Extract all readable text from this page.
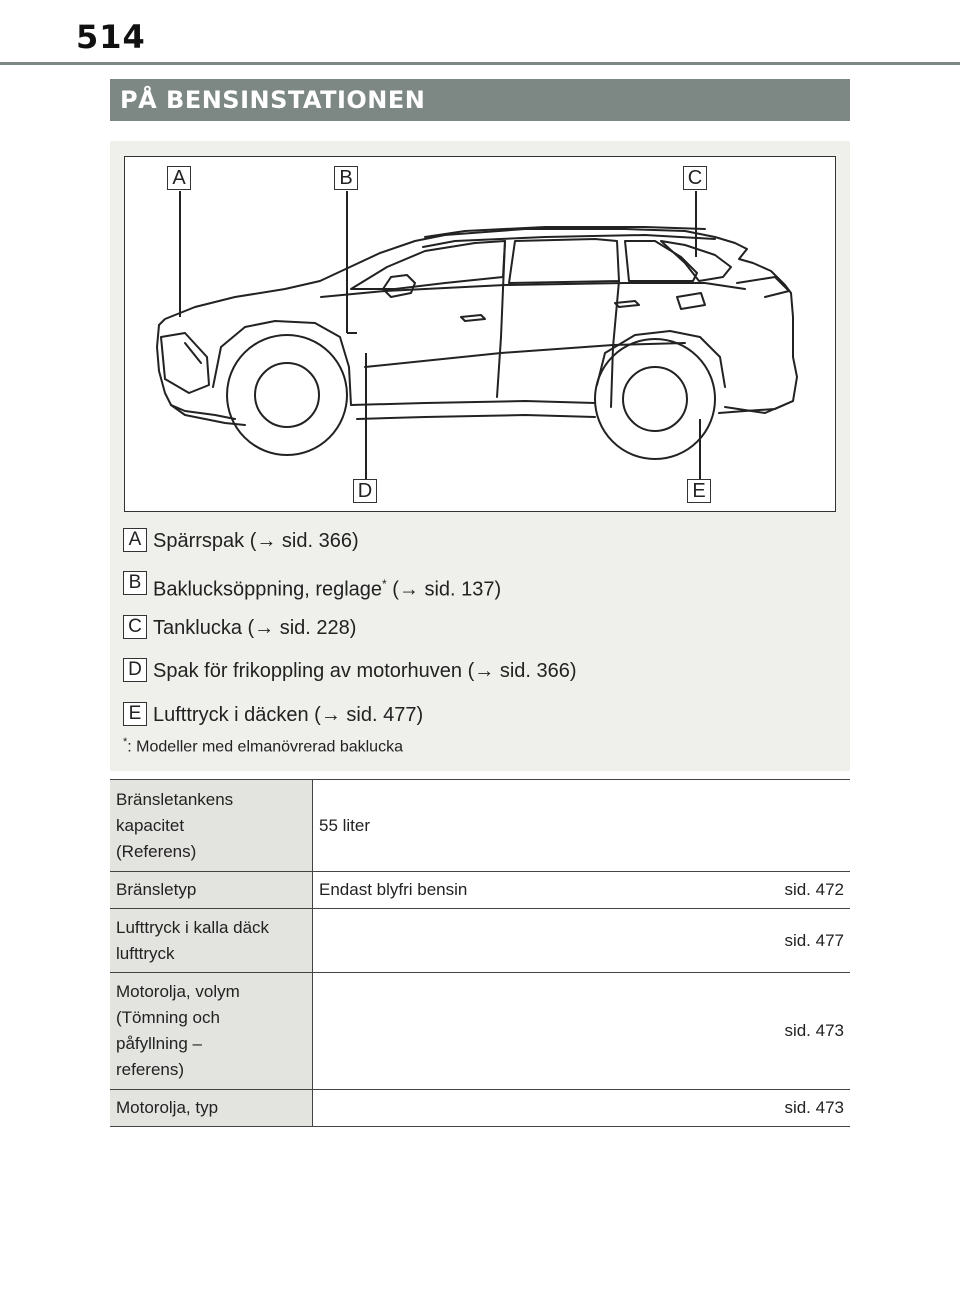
514
PÅ BENSINSTATIONEN
A	B	C
D	E
A Spärrspak (→ sid. 366)
B Baklucksöppning, reglage* (→ sid. 137)
C Tanklucka (→ sid. 228)
D Spak för frikoppling av motorhuven (→ sid. 366)
E Lufttryck i däcken (→ sid. 477)
*: Modeller med elmanövrerad baklucka
Bränsletankens
kapacitet
(Referens)	55 liter

Bränsletyp	Endast blyfri bensin sid. 472

Lufttryck i kalla däck
lufttryck	sid. 477

Motorolja, volym
(Tömning och
påfyllning –
referens)	sid. 473

Motorolja, typ	sid. 473
